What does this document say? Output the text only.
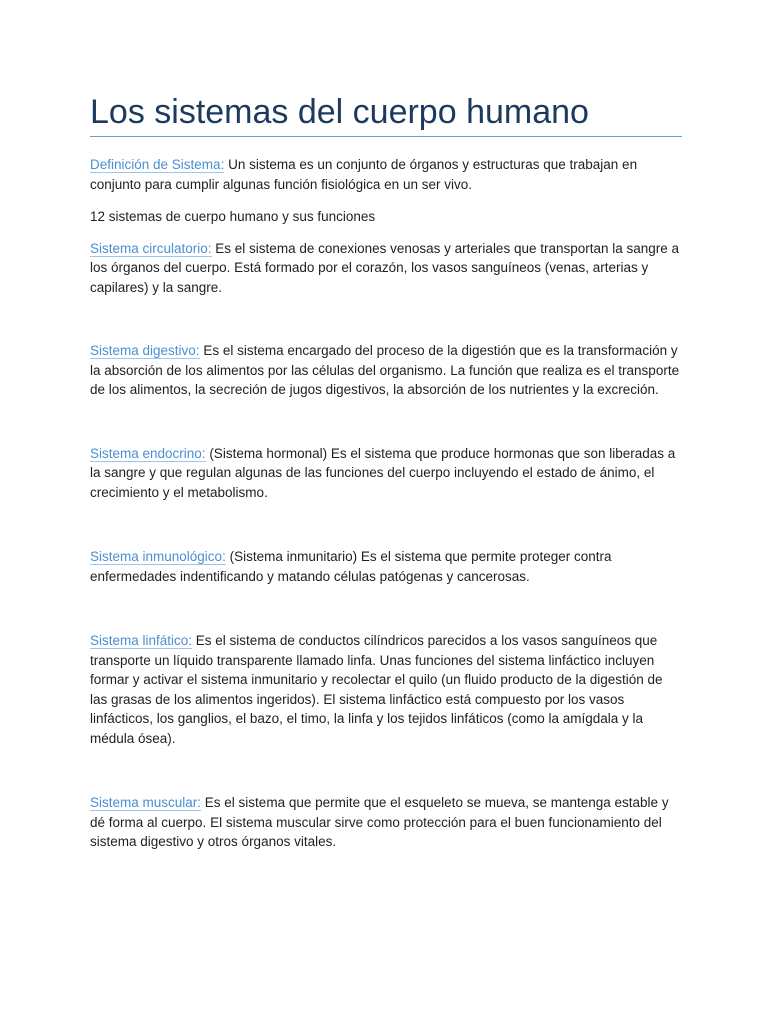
Los sistemas del cuerpo humano

Definición de Sistema: Un sistema es un conjunto de órganos y estructuras que trabajan en conjunto para cumplir algunas función fisiológica en un ser vivo.

12 sistemas de cuerpo humano y sus funciones

Sistema circulatorio: Es el sistema de conexiones venosas y arteriales que transportan la sangre a los órganos del cuerpo. Está formado por el corazón, los vasos sanguíneos (venas, arterias y capilares) y la sangre.

Sistema digestivo: Es el sistema encargado del proceso de la digestión que es la transformación y la absorción de los alimentos por las células del organismo. La función que realiza es el transporte de los alimentos, la secreción de jugos digestivos, la absorción de los nutrientes y la excreción.

Sistema endocrino: (Sistema hormonal) Es el sistema que produce hormonas que son liberadas a la sangre y que regulan algunas de las funciones del cuerpo incluyendo el estado de ánimo, el crecimiento y el metabolismo.

Sistema inmunológico: (Sistema inmunitario) Es el sistema que permite proteger contra enfermedades indentificando y matando células patógenas y cancerosas.

Sistema linfático: Es el sistema de conductos cilíndricos parecidos a los vasos sanguíneos que transporte un líquido transparente llamado linfa. Unas funciones del sistema linfáctico incluyen formar y activar el sistema inmunitario y recolectar el quilo (un fluido producto de la digestión de las grasas de los alimentos ingeridos). El sistema linfáctico está compuesto por los vasos linfácticos, los ganglios, el bazo, el timo, la linfa y los tejidos linfáticos (como la amígdala y la médula ósea).

Sistema muscular: Es el sistema que permite que el esqueleto se mueva, se mantenga estable y dé forma al cuerpo. El sistema muscular sirve como protección para el buen funcionamiento del sistema digestivo y otros órganos vitales.
